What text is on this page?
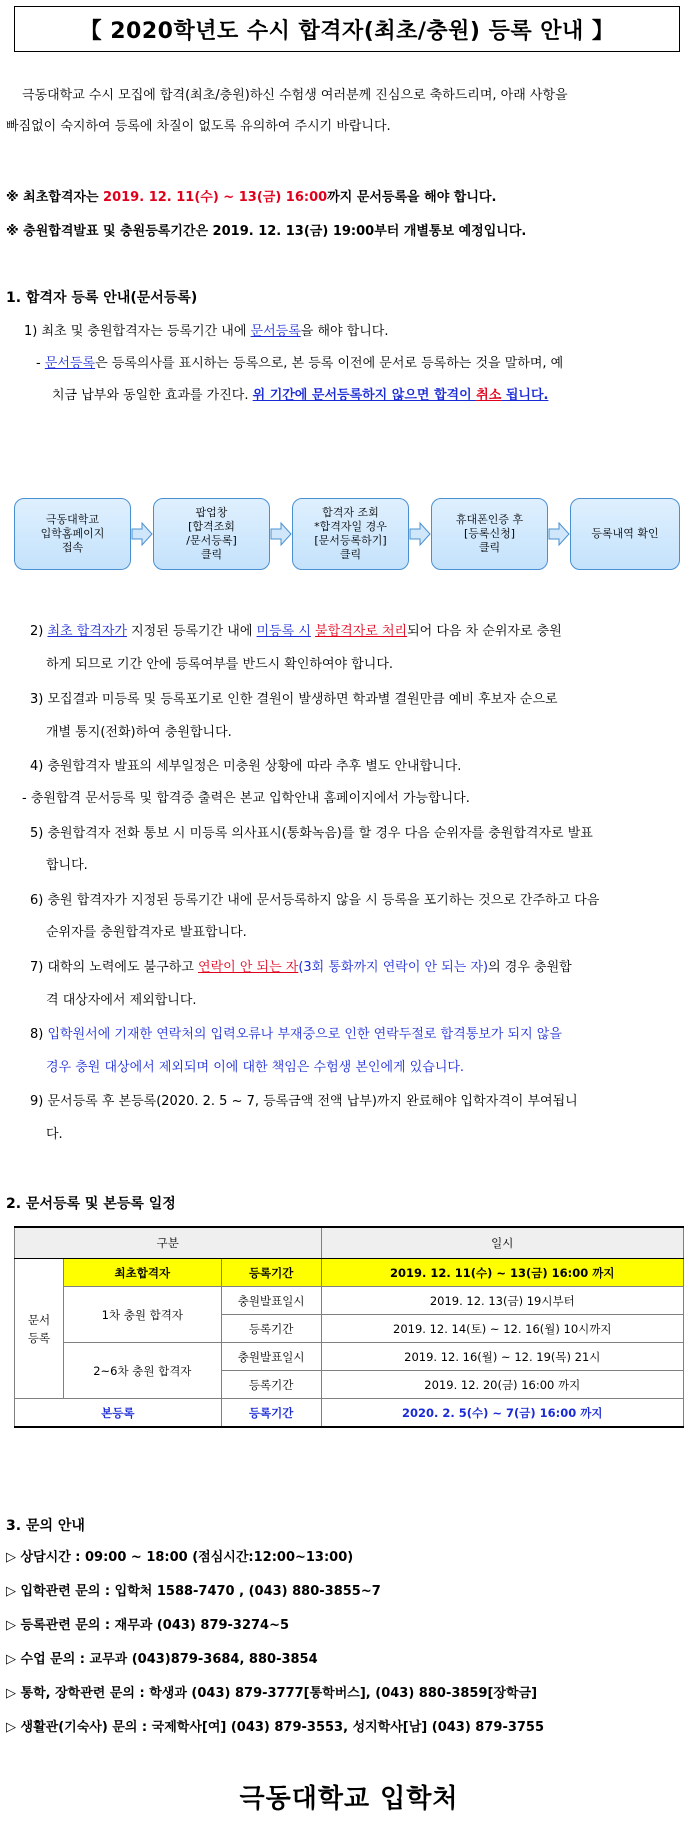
【 2020학년도 수시 합격자(최초/충원) 등록 안내 】
극동대학교 수시 모집에 합격(최초/충원)하신 수험생 여러분께 진심으로 축하드리며, 아래 사항을
빠짐없이 숙지하여 등록에 차질이 없도록 유의하여 주시기 바랍니다.
※ 최초합격자는 2019. 12. 11(수) ~ 13(금) 16:00까지 문서등록을 해야 합니다.
※ 충원합격발표 및 충원등록기간은 2019. 12. 13(금) 19:00부터 개별통보 예정입니다.
1. 합격자 등록 안내(문서등록)
1) 최초 및 충원합격자는 등록기간 내에 문서등록을 해야 합니다.
- 문서등록은 등록의사를 표시하는 등록으로, 본 등록 이전에 문서로 등록하는 것을 말하며, 예
치금 납부와 동일한 효과를 가진다. 위 기간에 문서등록하지 않으면 합격이 취소 됩니다.
극동대학교
입학홈페이지
접속
팝업창
[합격조회
/문서등록]
클릭
합격자 조회
*합격자일 경우
[문서등록하기]
클릭
휴대폰인증 후
[등록신청]
클릭
등록내역 확인
2) 최초 합격자가 지정된 등록기간 내에 미등록 시 불합격자로 처리되어 다음 차 순위자로 충원
하게 되므로 기간 안에 등록여부를 반드시 확인하여야 합니다.
3) 모집결과 미등록 및 등록포기로 인한 결원이 발생하면 학과별 결원만큼 예비 후보자 순으로
개별 통지(전화)하여 충원합니다.
4) 충원합격자 발표의 세부일정은 미충원 상황에 따라 추후 별도 안내합니다.
- 충원합격 문서등록 및 합격증 출력은 본교 입학안내 홈페이지에서 가능합니다.
5) 충원합격자 전화 통보 시 미등록 의사표시(통화녹음)를 할 경우 다음 순위자를 충원합격자로 발표
합니다.
6) 충원 합격자가 지정된 등록기간 내에 문서등록하지 않을 시 등록을 포기하는 것으로 간주하고 다음
순위자를 충원합격자로 발표합니다.
7) 대학의 노력에도 불구하고 연락이 안 되는 자(3회 통화까지 연락이 안 되는 자)의 경우 충원합
격 대상자에서 제외합니다.
8) 입학원서에 기재한 연락처의 입력오류나 부재중으로 인한 연락두절로 합격통보가 되지 않을
경우 충원 대상에서 제외되며 이에 대한 책임은 수험생 본인에게 있습니다.
9) 문서등록 후 본등록(2020. 2. 5 ~ 7, 등록금액 전액 납부)까지 완료해야 입학자격이 부여됩니
다.
2. 문서등록 및 본등록 일정
구분			일시
문서
등록	최초합격자	등록기간	2019. 12. 11(수) ~ 13(금) 16:00 까지
	1차 충원 합격자	충원발표일시	2019. 12. 13(금) 19시부터
		등록기간	2019. 12. 14(토) ~ 12. 16(월) 10시까지
	2~6차 충원 합격자	충원발표일시	2019. 12. 16(월) ~ 12. 19(목) 21시
		등록기간	2019. 12. 20(금) 16:00 까지
본등록		등록기간	2020. 2. 5(수) ~ 7(금) 16:00 까지
3. 문의 안내
▷ 상담시간 : 09:00 ~ 18:00 (점심시간:12:00~13:00)
▷ 입학관련 문의 : 입학처 1588-7470 , (043) 880-3855~7
▷ 등록관련 문의 : 재무과 (043) 879-3274~5
▷ 수업 문의 : 교무과 (043)879-3684, 880-3854
▷ 통학, 장학관련 문의 : 학생과 (043) 879-3777[통학버스], (043) 880-3859[장학금]
▷ 생활관(기숙사) 문의 : 국제학사[여] (043) 879-3553, 성지학사[남] (043) 879-3755
극동대학교 입학처
